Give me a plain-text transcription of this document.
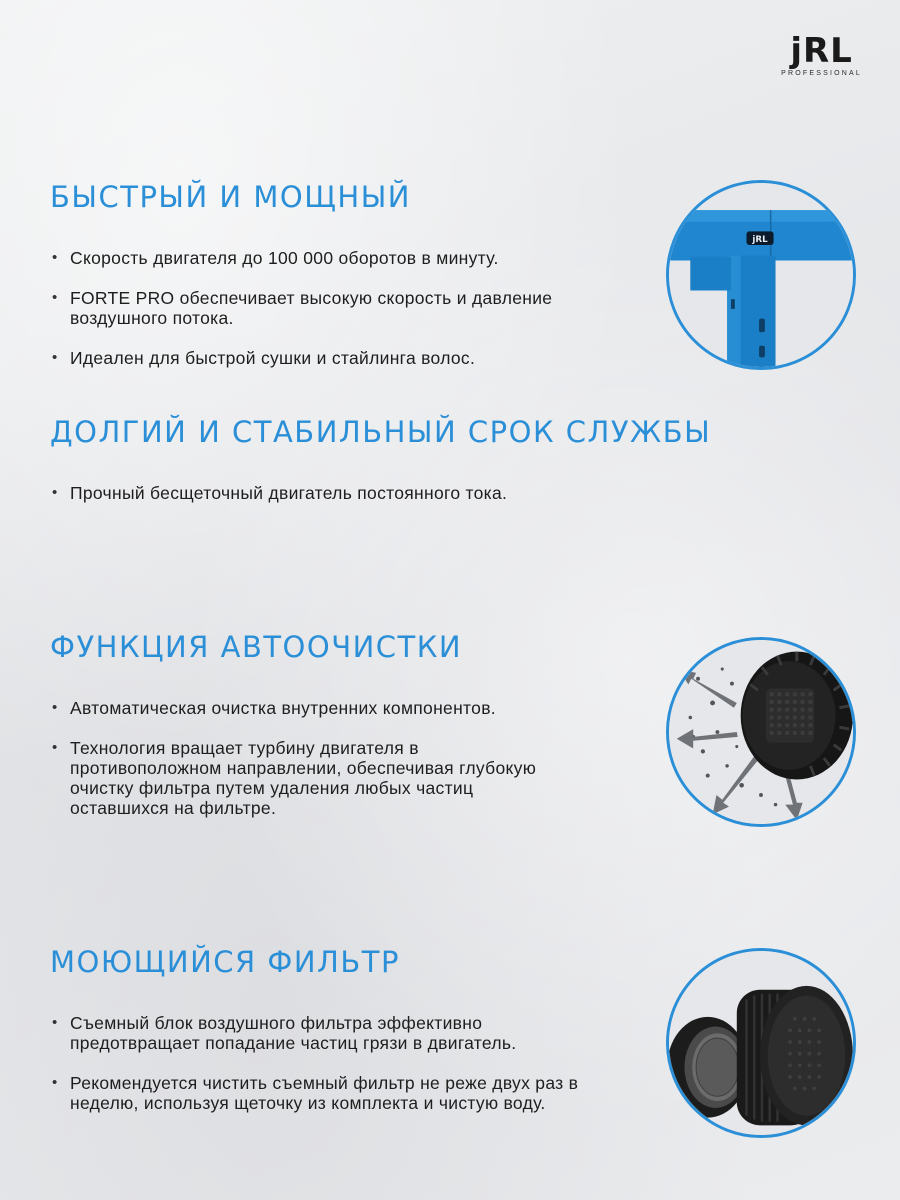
jRL
PROFESSIONAL
БЫСТРЫЙ И МОЩНЫЙ
• Скорость двигателя до 100 000 оборотов в минуту.
• FORTE PRO обеспечивает высокую скорость и давление воздушного потока.
• Идеален для быстрой сушки и стайлинга волос.
ДОЛГИЙ И СТАБИЛЬНЫЙ СРОК СЛУЖБЫ
• Прочный бесщеточный двигатель постоянного тока.
ФУНКЦИЯ АВТООЧИСТКИ
• Автоматическая очистка внутренних компонентов.
• Технология вращает турбину двигателя в противоположном направлении, обеспечивая глубокую очистку фильтра путем удаления любых частиц оставшихся на фильтре.
МОЮЩИЙСЯ ФИЛЬТР
• Съемный блок воздушного фильтра эффективно предотвращает попадание частиц грязи в двигатель.
• Рекомендуется чистить съемный фильтр не реже двух раз в неделю, используя щеточку из комплекта и чистую воду.
jRL
